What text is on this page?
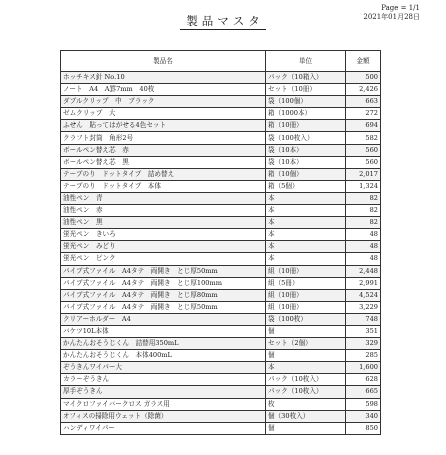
Page = 1/1
2021年01月28日
製品マスタ
製品名	単位	金額
ホッチキス針 No.10	パック（10箱入）	500
ノート　A4　A罫7mm　40枚	セット（10冊）	2,426
ダブルクリップ　中　ブラック	袋（100個）	663
ゼムクリップ　大	箱（1000本）	272
ふせん　貼ってはがせる4色セット	箱（10冊）	694
クラフト封筒　角形2号	袋（100枚入）	582
ボールペン替え芯　赤	袋（10本）	560
ボールペン替え芯　黒	袋（10本）	560
テープのり　ドットタイプ　詰め替え	箱（10個）	2,017
テープのり　ドットタイプ　本体	箱（5個）	1,324
油性ペン　青	本	82
油性ペン　赤	本	82
油性ペン　黒	本	82
蛍光ペン　きいろ	本	48
蛍光ペン　みどり	本	48
蛍光ペン　ピンク	本	48
パイプ式ファイル　A4タテ　両開き　とじ厚50mm	組（10冊）	2,448
パイプ式ファイル　A4タテ　両開き　とじ厚100mm	組（5冊）	2,991
パイプ式ファイル　A4タテ　両開き　とじ厚80mm	組（10冊）	4,524
パイプ式ファイル　A4タテ　両開き　とじ厚50mm	組（10冊）	3,229
クリアーホルダー　A4	袋（100枚）	748
バケツ10L本体	個	351
かんたんおそうじくん　詰替用350mL	セット（2個）	329
かんたんおそうじくん　本体400mL	個	285
ぞうきんワイパー大	本	1,600
カラーぞうきん	パック（10枚入）	628
厚手ぞうきん	パック（10枚入）	665
マイクロファイバークロス ガラス用	枚	598
オフィスの掃除用ウェット（除菌）	個（30枚入）	340
ハンディワイパー	個	850
